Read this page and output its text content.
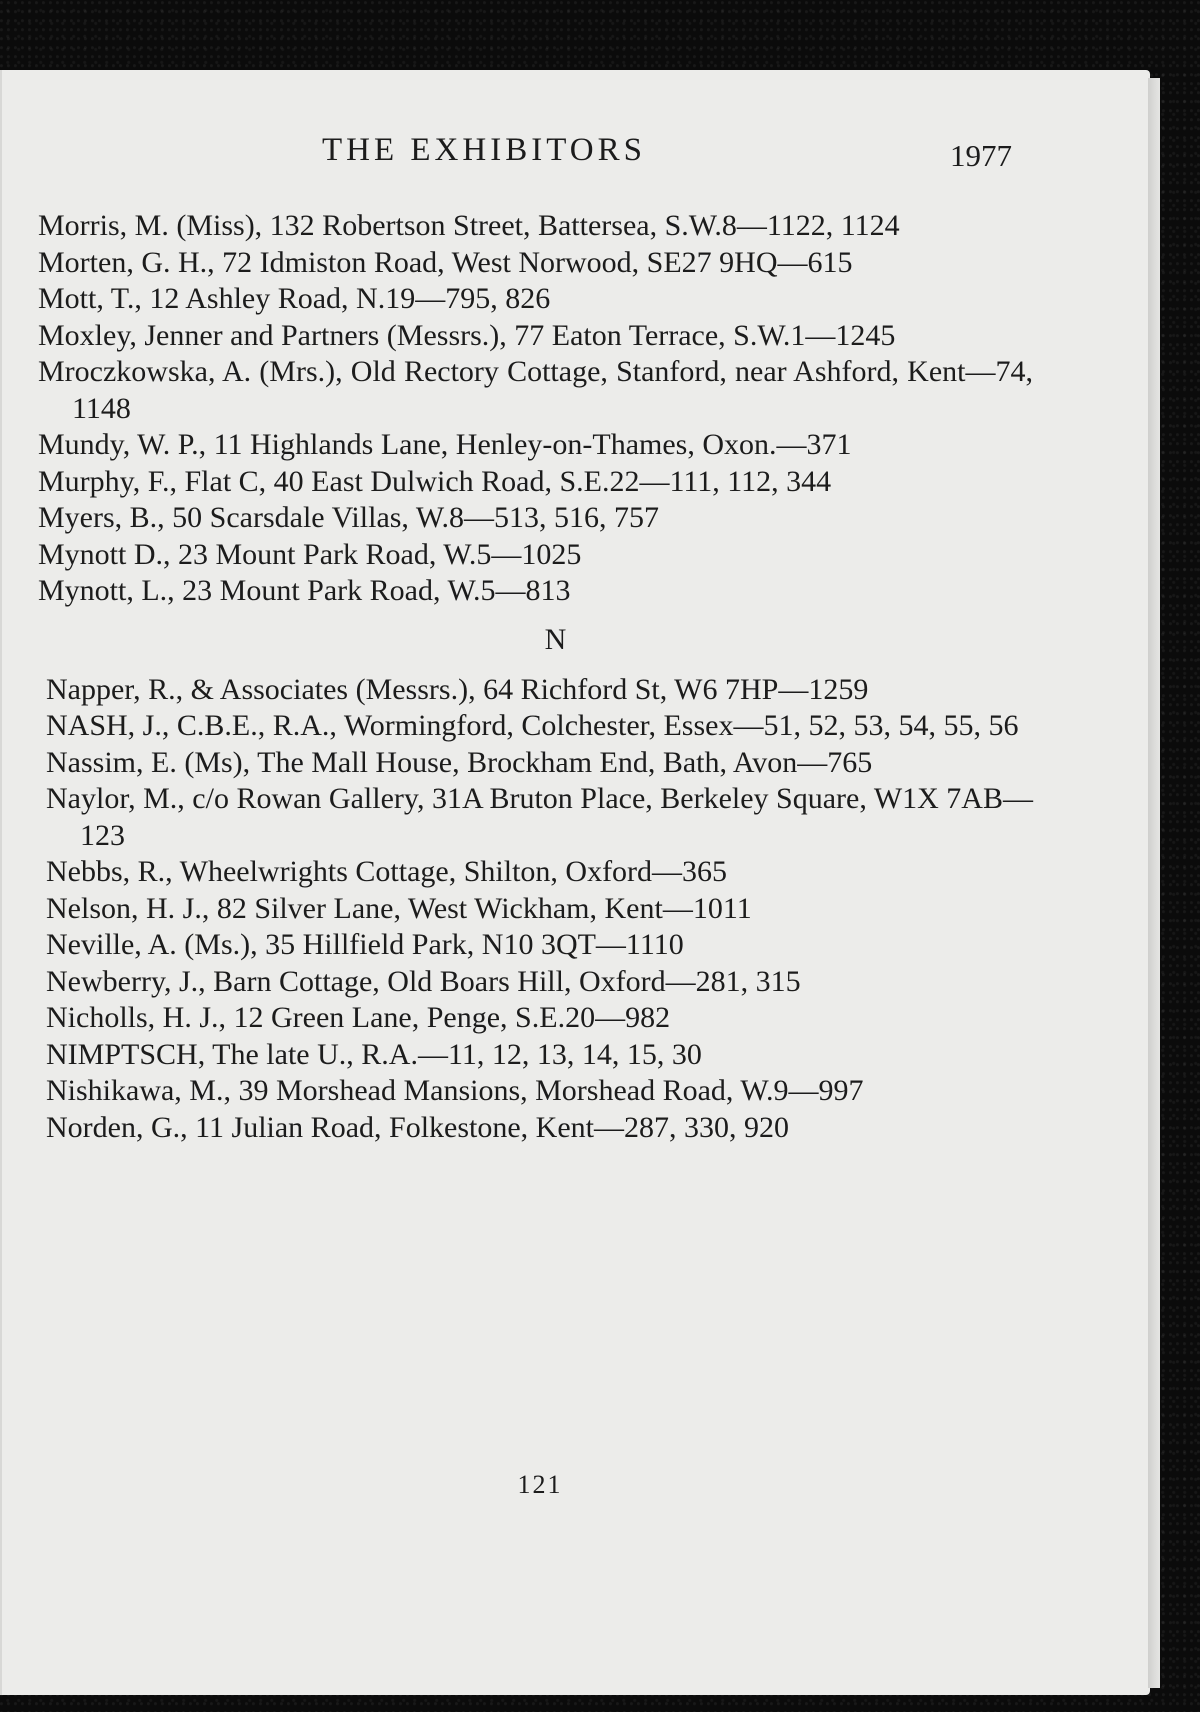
THE EXHIBITORS	1977

Morris, M. (Miss), 132 Robertson Street, Battersea, S.W.8—1122, 1124

Morten, G. H., 72 Idmiston Road, West Norwood, SE27 9HQ—615

Mott, T., 12 Ashley Road, N.19—795, 826

Moxley, Jenner and Partners (Messrs.), 77 Eaton Terrace, S.W.1—1245

Mroczkowska, A. (Mrs.), Old Rectory Cottage, Stanford, near Ashford, Kent—74, 1148

Mundy, W. P., 11 Highlands Lane, Henley-on-Thames, Oxon.—371

Murphy, F., Flat C, 40 East Dulwich Road, S.E.22—111, 112, 344

Myers, B., 50 Scarsdale Villas, W.8—513, 516, 757

Mynott D., 23 Mount Park Road, W.5—1025

Mynott, L., 23 Mount Park Road, W.5—813

N

Napper, R., & Associates (Messrs.), 64 Richford St, W6 7HP—1259

NASH, J., C.B.E., R.A., Wormingford, Colchester, Essex—51, 52, 53, 54, 55, 56

Nassim, E. (Ms), The Mall House, Brockham End, Bath, Avon—765

Naylor, M., c/o Rowan Gallery, 31A Bruton Place, Berkeley Square, W1X 7AB—123

Nebbs, R., Wheelwrights Cottage, Shilton, Oxford—365

Nelson, H. J., 82 Silver Lane, West Wickham, Kent—1011

Neville, A. (Ms.), 35 Hillfield Park, N10 3QT—1110

Newberry, J., Barn Cottage, Old Boars Hill, Oxford—281, 315

Nicholls, H. J., 12 Green Lane, Penge, S.E.20—982

NIMPTSCH, The late U., R.A.—11, 12, 13, 14, 15, 30

Nishikawa, M., 39 Morshead Mansions, Morshead Road, W.9—997

Norden, G., 11 Julian Road, Folkestone, Kent—287, 330, 920

121
